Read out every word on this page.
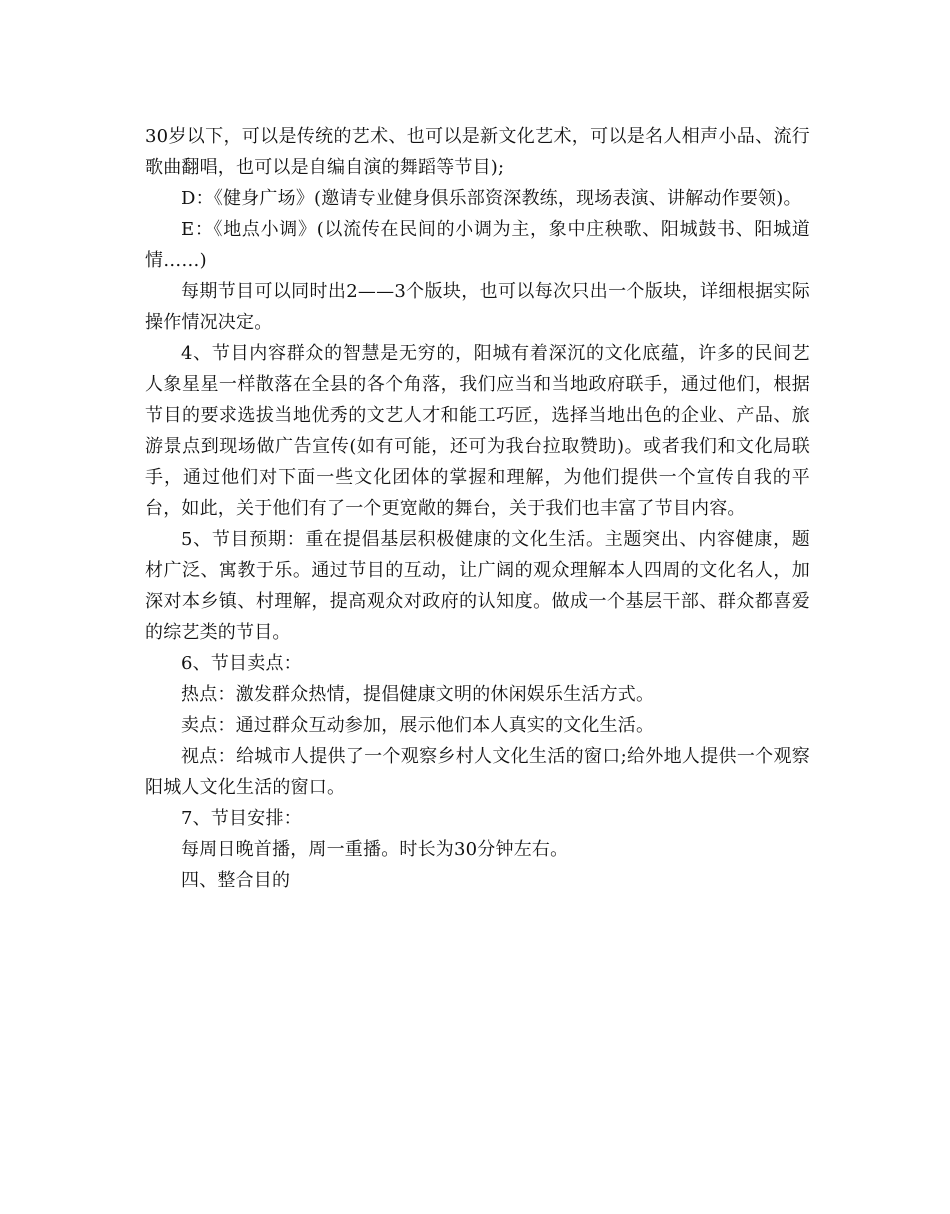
30岁以下，可以是传统的艺术、也可以是新文化艺术，可以是名人相声小品、流行歌曲翻唱，也可以是自编自演的舞蹈等节目);

D：《健身广场》(邀请专业健身俱乐部资深教练，现场表演、讲解动作要领)。

E：《地点小调》(以流传在民间的小调为主，象中庄秧歌、阳城鼓书、阳城道情……)

每期节目可以同时出2——3个版块，也可以每次只出一个版块，详细根据实际操作情况决定。

4、节目内容群众的智慧是无穷的，阳城有着深沉的文化底蕴，许多的民间艺人象星星一样散落在全县的各个角落，我们应当和当地政府联手，通过他们，根据节目的要求选拔当地优秀的文艺人才和能工巧匠，选择当地出色的企业、产品、旅游景点到现场做广告宣传(如有可能，还可为我台拉取赞助)。或者我们和文化局联手，通过他们对下面一些文化团体的掌握和理解，为他们提供一个宣传自我的平台，如此，关于他们有了一个更宽敞的舞台，关于我们也丰富了节目内容。

5、节目预期：重在提倡基层积极健康的文化生活。主题突出、内容健康，题材广泛、寓教于乐。通过节目的互动，让广阔的观众理解本人四周的文化名人，加深对本乡镇、村理解，提高观众对政府的认知度。做成一个基层干部、群众都喜爱的综艺类的节目。

6、节目卖点：

热点：激发群众热情，提倡健康文明的休闲娱乐生活方式。

卖点：通过群众互动参加，展示他们本人真实的文化生活。

视点：给城市人提供了一个观察乡村人文化生活的窗口;给外地人提供一个观察阳城人文化生活的窗口。

7、节目安排：

每周日晚首播，周一重播。时长为30分钟左右。

四、整合目的
